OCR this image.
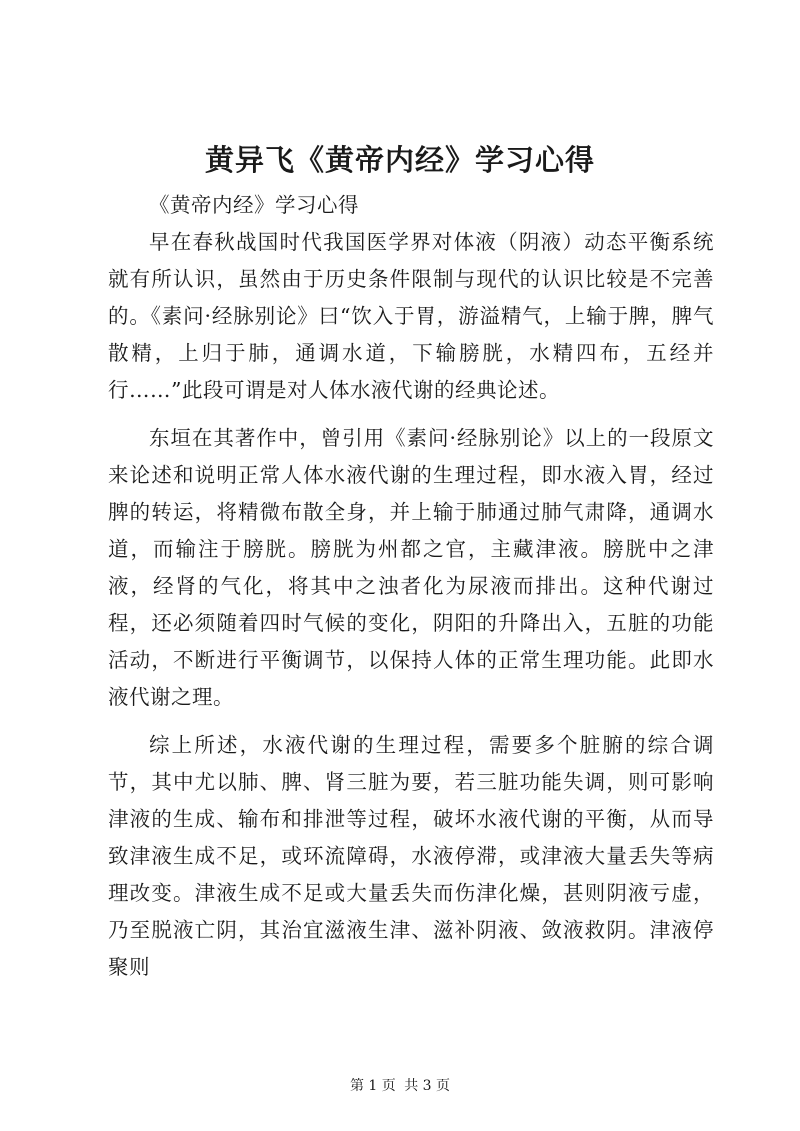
黄异飞《黄帝内经》学习心得

《黄帝内经》学习心得

早在春秋战国时代我国医学界对体液（阴液）动态平衡系统就有所认识，虽然由于历史条件限制与现代的认识比较是不完善的。《素问·经脉别论》曰“饮入于胃，游溢精气，上输于脾，脾气散精，上归于肺，通调水道，下输膀胱，水精四布，五经并行……”此段可谓是对人体水液代谢的经典论述。

东垣在其著作中，曾引用《素问·经脉别论》以上的一段原文来论述和说明正常人体水液代谢的生理过程，即水液入胃，经过脾的转运，将精微布散全身，并上输于肺通过肺气肃降，通调水道，而输注于膀胱。膀胱为州都之官，主藏津液。膀胱中之津液，经肾的气化，将其中之浊者化为尿液而排出。这种代谢过程，还必须随着四时气候的变化，阴阳的升降出入，五脏的功能活动，不断进行平衡调节，以保持人体的正常生理功能。此即水液代谢之理。

综上所述，水液代谢的生理过程，需要多个脏腑的综合调节，其中尤以肺、脾、肾三脏为要，若三脏功能失调，则可影响津液的生成、输布和排泄等过程，破坏水液代谢的平衡，从而导致津液生成不足，或环流障碍，水液停滞，或津液大量丢失等病理改变。津液生成不足或大量丢失而伤津化燥，甚则阴液亏虚，乃至脱液亡阴，其治宜滋液生津、滋补阴液、敛液救阴。津液停聚则

第 1 页 共 3 页
